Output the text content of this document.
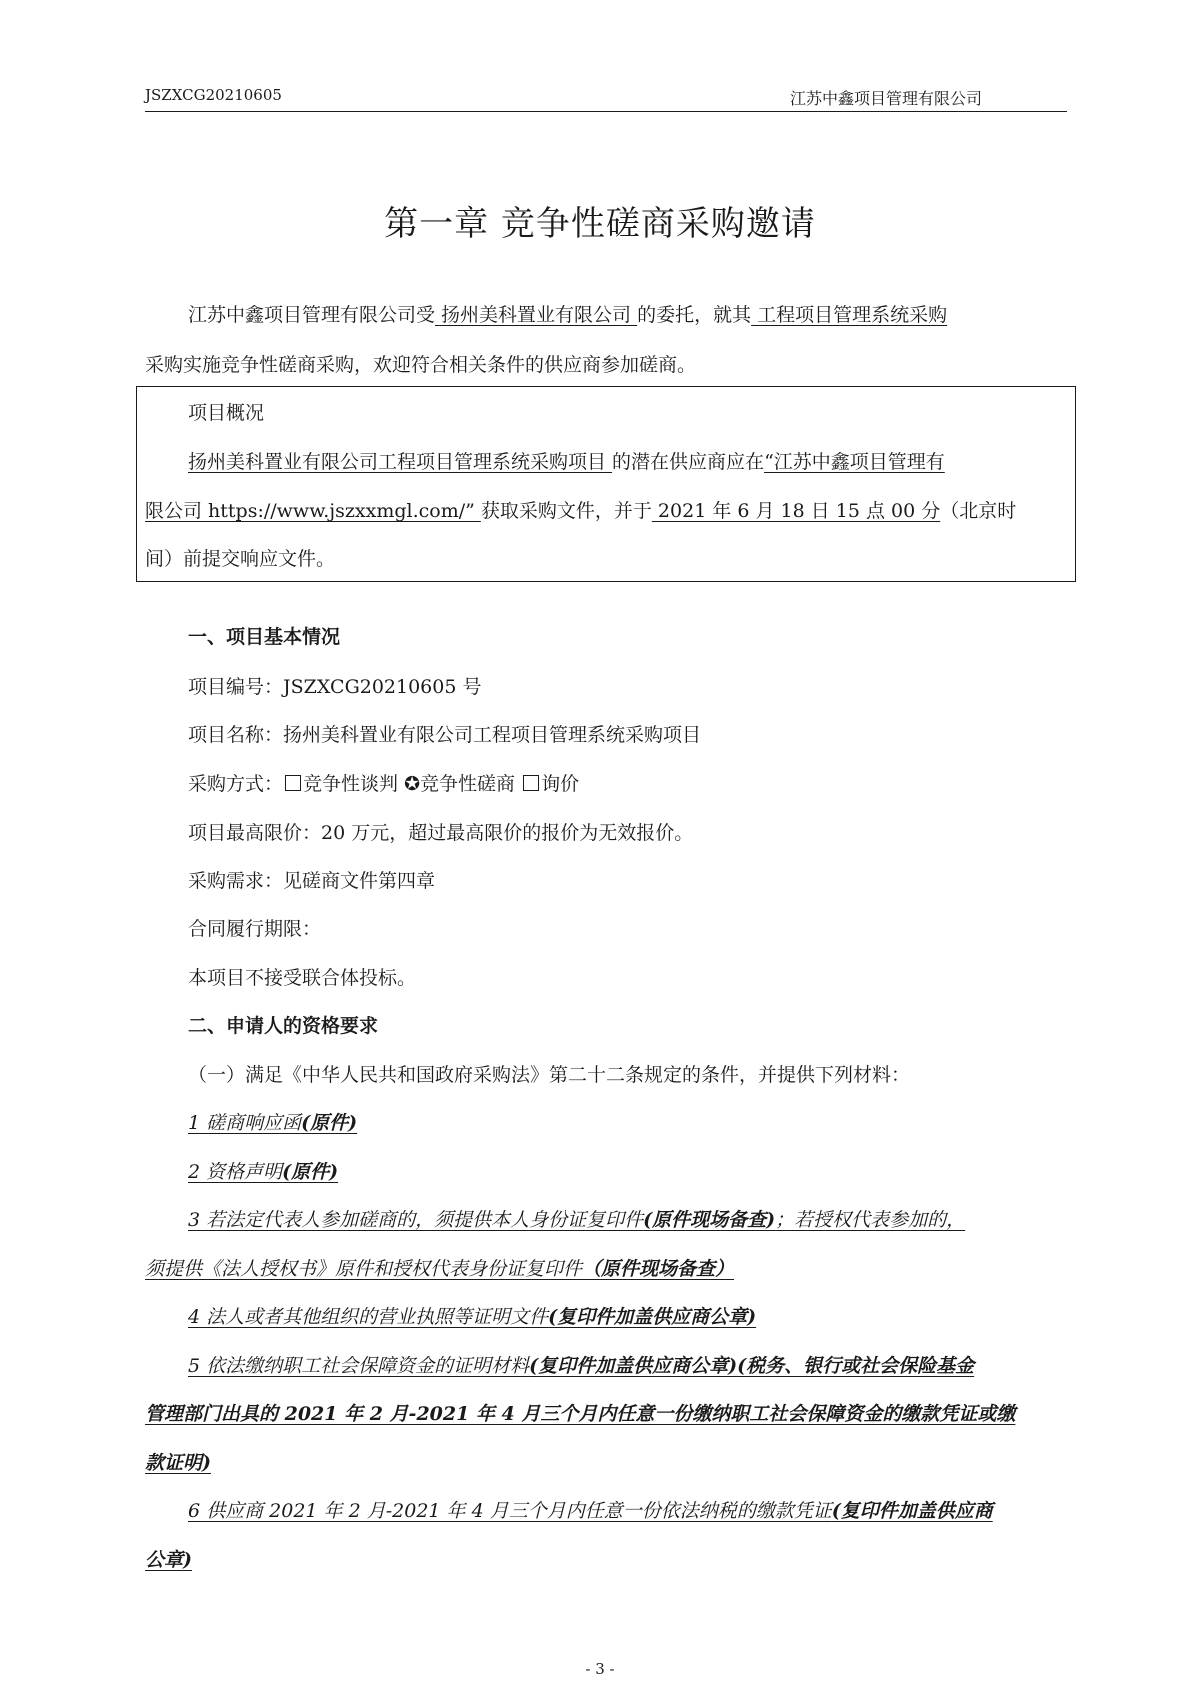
JSZXCG20210605	江苏中鑫项目管理有限公司
第一章 竞争性磋商采购邀请
江苏中鑫项目管理有限公司受 扬州美科置业有限公司 的委托，就其 工程项目管理系统采购
采购实施竞争性磋商采购，欢迎符合相关条件的供应商参加磋商。
项目概况
扬州美科置业有限公司工程项目管理系统采购项目 的潜在供应商应在“江苏中鑫项目管理有
限公司 https://www.jszxxmgl.com/” 获取采购文件，并于 2021 年 6 月 18 日 15 点 00 分（北京时
间）前提交响应文件。
一、项目基本情况
项目编号：JSZXCG20210605 号
项目名称：扬州美科置业有限公司工程项目管理系统采购项目
采购方式： 竞争性谈判 ✪竞争性磋商 询价
项目最高限价：20 万元，超过最高限价的报价为无效报价。
采购需求：见磋商文件第四章
合同履行期限：
本项目不接受联合体投标。
二、申请人的资格要求
（一）满足《中华人民共和国政府采购法》第二十二条规定的条件，并提供下列材料：
1 磋商响应函(原件)
2 资格声明(原件)
3 若法定代表人参加磋商的，须提供本人身份证复印件(原件现场备查)；若授权代表参加的，
须提供《法人授权书》原件和授权代表身份证复印件（原件现场备查）
4 法人或者其他组织的营业执照等证明文件(复印件加盖供应商公章)
5 依法缴纳职工社会保障资金的证明材料(复印件加盖供应商公章)(税务、银行或社会保险基金
管理部门出具的 2021 年 2 月-2021 年 4 月三个月内任意一份缴纳职工社会保障资金的缴款凭证或缴
款证明)
6 供应商 2021 年 2 月-2021 年 4 月三个月内任意一份依法纳税的缴款凭证(复印件加盖供应商
公章)
- 3 -
